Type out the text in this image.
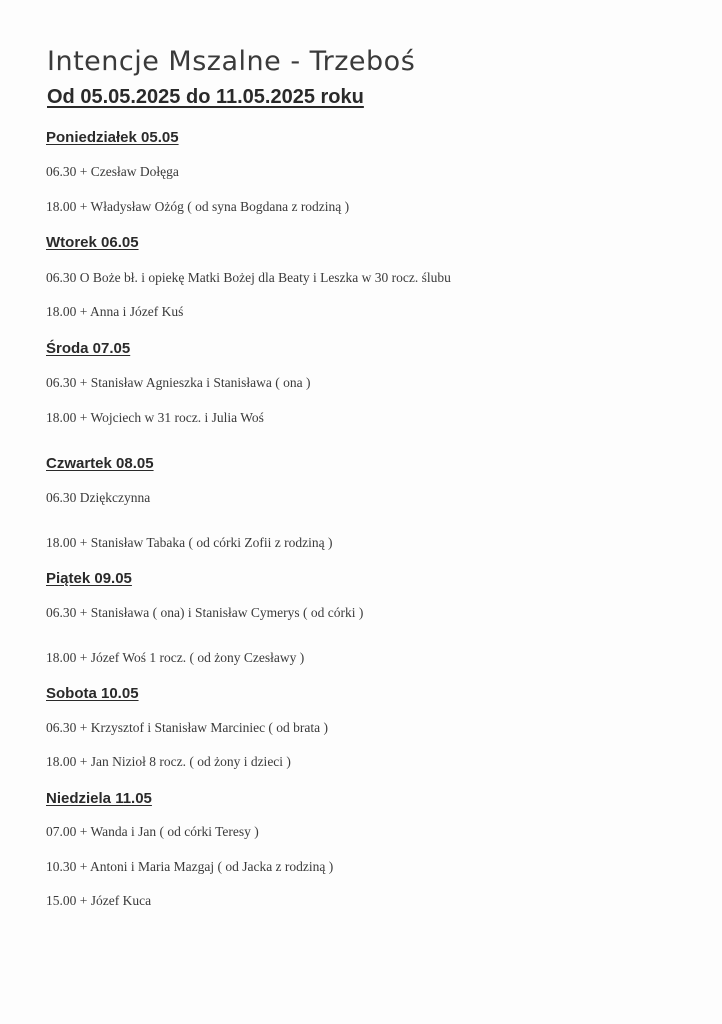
Intencje Mszalne - Trzeboś
Od 05.05.2025 do 11.05.2025 roku
Poniedziałek 05.05
06.30 + Czesław Dołęga
18.00 + Władysław Ożóg ( od syna Bogdana z rodziną )
Wtorek 06.05
06.30 O Boże bł. i opiekę Matki Bożej dla Beaty i Leszka w 30 rocz. ślubu
18.00 + Anna i Józef Kuś
Środa 07.05
06.30 + Stanisław Agnieszka i Stanisława ( ona )
18.00 + Wojciech w 31 rocz. i Julia Woś
Czwartek 08.05
06.30 Dziękczynna
18.00 + Stanisław Tabaka ( od córki Zofii z rodziną )
Piątek 09.05
06.30 + Stanisława ( ona) i Stanisław Cymerys ( od córki )
18.00 + Józef Woś 1 rocz. ( od żony Czesławy )
Sobota 10.05
06.30 + Krzysztof i Stanisław Marciniec ( od brata )
18.00 + Jan Nizioł 8 rocz. ( od żony i dzieci )
Niedziela 11.05
07.00 + Wanda i Jan ( od córki Teresy )
10.30 + Antoni i Maria Mazgaj ( od Jacka z rodziną )
15.00 + Józef Kuca
